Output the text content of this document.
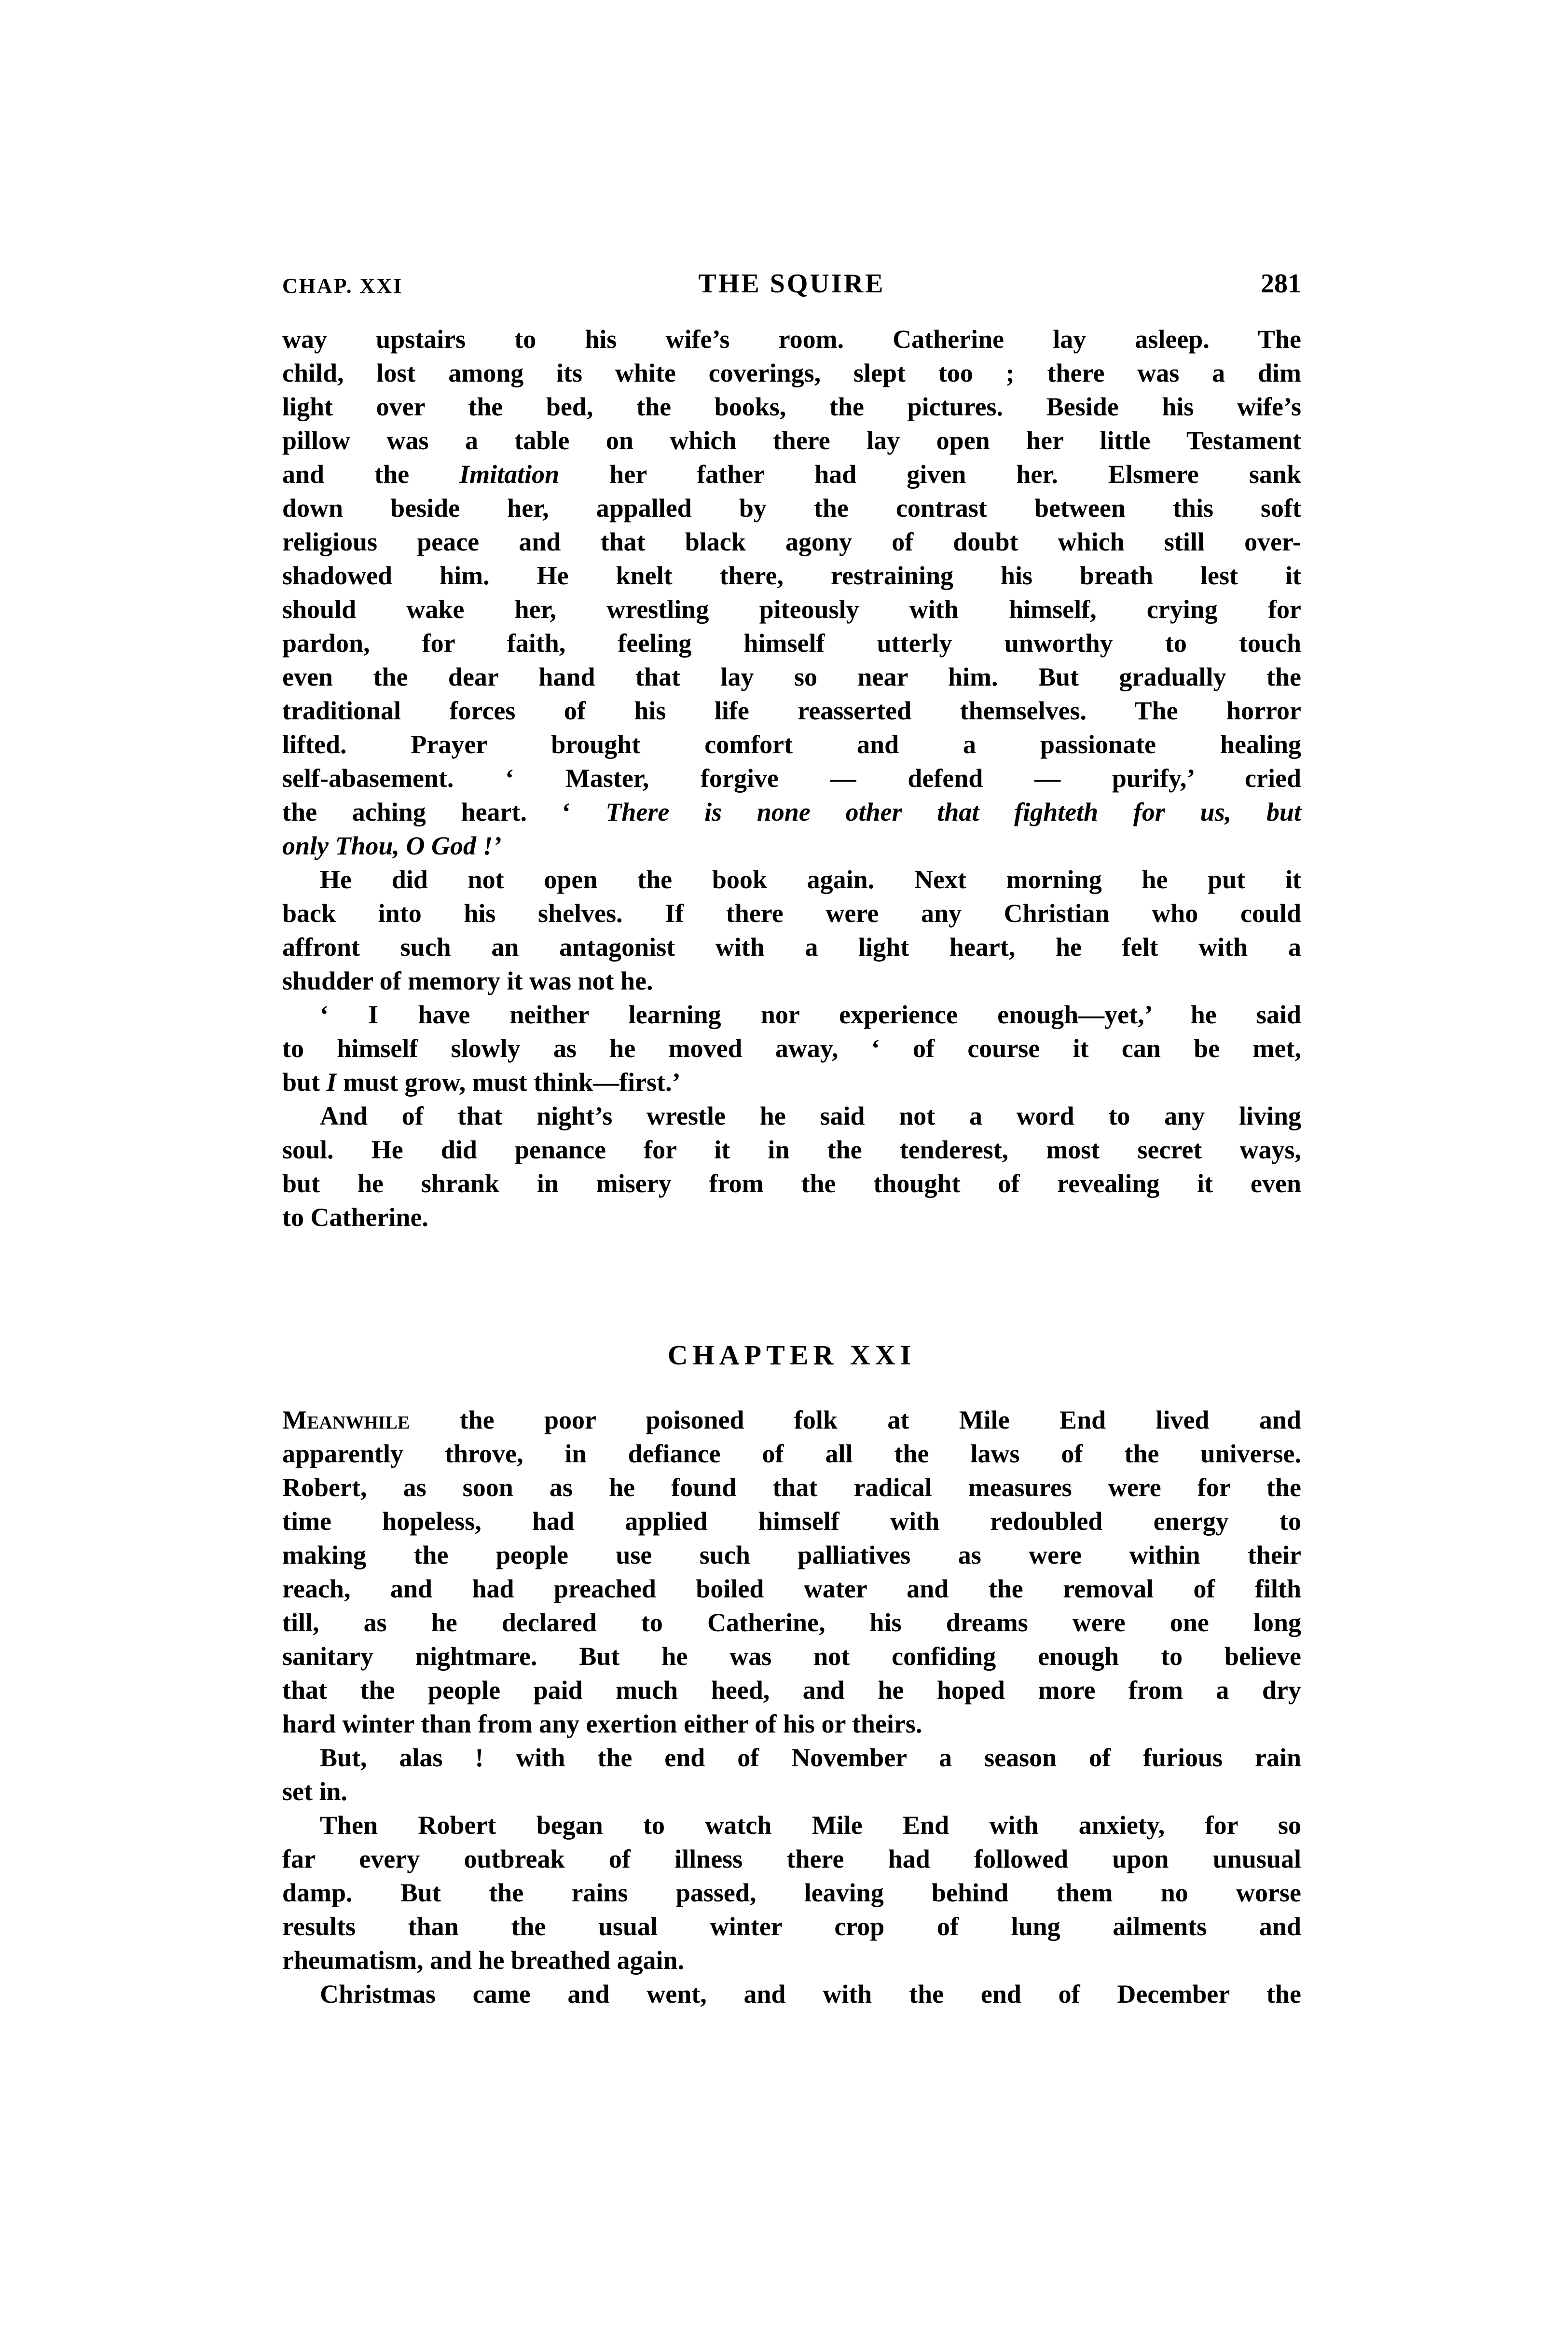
CHAP. XXI	THE SQUIRE	281
way upstairs to his wife’s room. Catherine lay asleep. The
child, lost among its white coverings, slept too ; there was a dim
light over the bed, the books, the pictures. Beside his wife’s
pillow was a table on which there lay open her little Testament
and the Imitation her father had given her. Elsmere sank
down beside her, appalled by the contrast between this soft
religious peace and that black agony of doubt which still over-
shadowed him. He knelt there, restraining his breath lest it
should wake her, wrestling piteously with himself, crying for
pardon, for faith, feeling himself utterly unworthy to touch
even the dear hand that lay so near him. But gradually the
traditional forces of his life reasserted themselves. The horror
lifted. Prayer brought comfort and a passionate healing
self-abasement. ‘ Master, forgive — defend — purify,’ cried
the aching heart. ‘ There is none other that fighteth for us, but
only Thou, O God !’
He did not open the book again. Next morning he put it
back into his shelves. If there were any Christian who could
affront such an antagonist with a light heart, he felt with a
shudder of memory it was not he.
‘ I have neither learning nor experience enough—yet,’ he said
to himself slowly as he moved away, ‘ of course it can be met,
but I must grow, must think—first.’
And of that night’s wrestle he said not a word to any living
soul. He did penance for it in the tenderest, most secret ways,
but he shrank in misery from the thought of revealing it even
to Catherine.
CHAPTER XXI
Meanwhile the poor poisoned folk at Mile End lived and
apparently throve, in defiance of all the laws of the universe.
Robert, as soon as he found that radical measures were for the
time hopeless, had applied himself with redoubled energy to
making the people use such palliatives as were within their
reach, and had preached boiled water and the removal of filth
till, as he declared to Catherine, his dreams were one long
sanitary nightmare. But he was not confiding enough to believe
that the people paid much heed, and he hoped more from a dry
hard winter than from any exertion either of his or theirs.
But, alas ! with the end of November a season of furious rain
set in.
Then Robert began to watch Mile End with anxiety, for so
far every outbreak of illness there had followed upon unusual
damp. But the rains passed, leaving behind them no worse
results than the usual winter crop of lung ailments and
rheumatism, and he breathed again.
Christmas came and went, and with the end of December the
